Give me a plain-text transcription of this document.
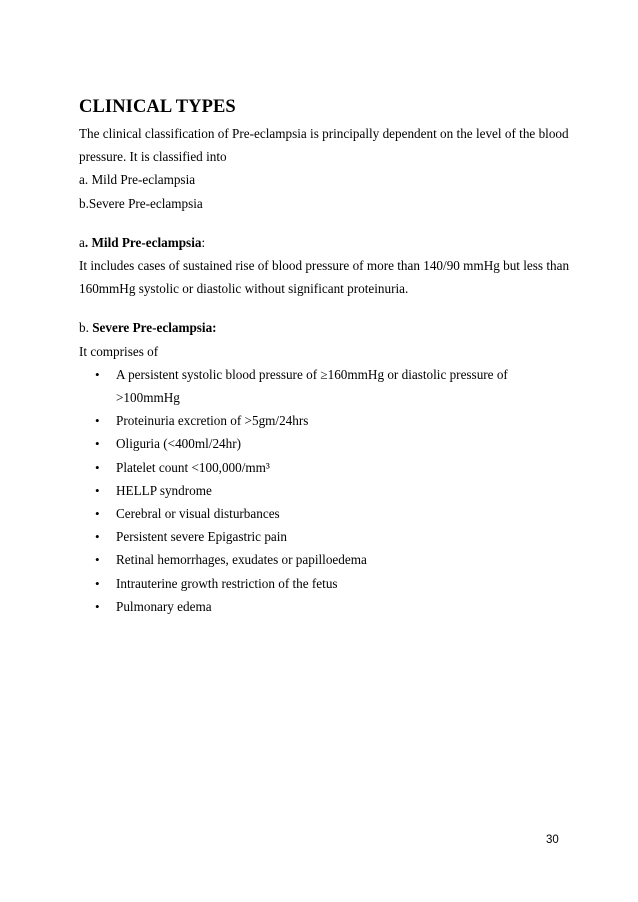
CLINICAL TYPES
The clinical classification of Pre-eclampsia is principally dependent on the level of the blood
pressure. It is classified into
a. Mild Pre-eclampsia
b.Severe Pre-eclampsia
a. Mild Pre-eclampsia:
It includes cases of sustained rise of blood pressure of more than 140/90 mmHg but less than
160mmHg systolic or diastolic without significant proteinuria.
b. Severe Pre-eclampsia:
It comprises of
• A persistent systolic blood pressure of ≥160mmHg or diastolic pressure of
>100mmHg
• Proteinuria excretion of >5gm/24hrs
• Oliguria (<400ml/24hr)
• Platelet count <100,000/mm³
• HELLP syndrome
• Cerebral or visual disturbances
• Persistent severe Epigastric pain
• Retinal hemorrhages, exudates or papilloedema
• Intrauterine growth restriction of the fetus
• Pulmonary edema
30
